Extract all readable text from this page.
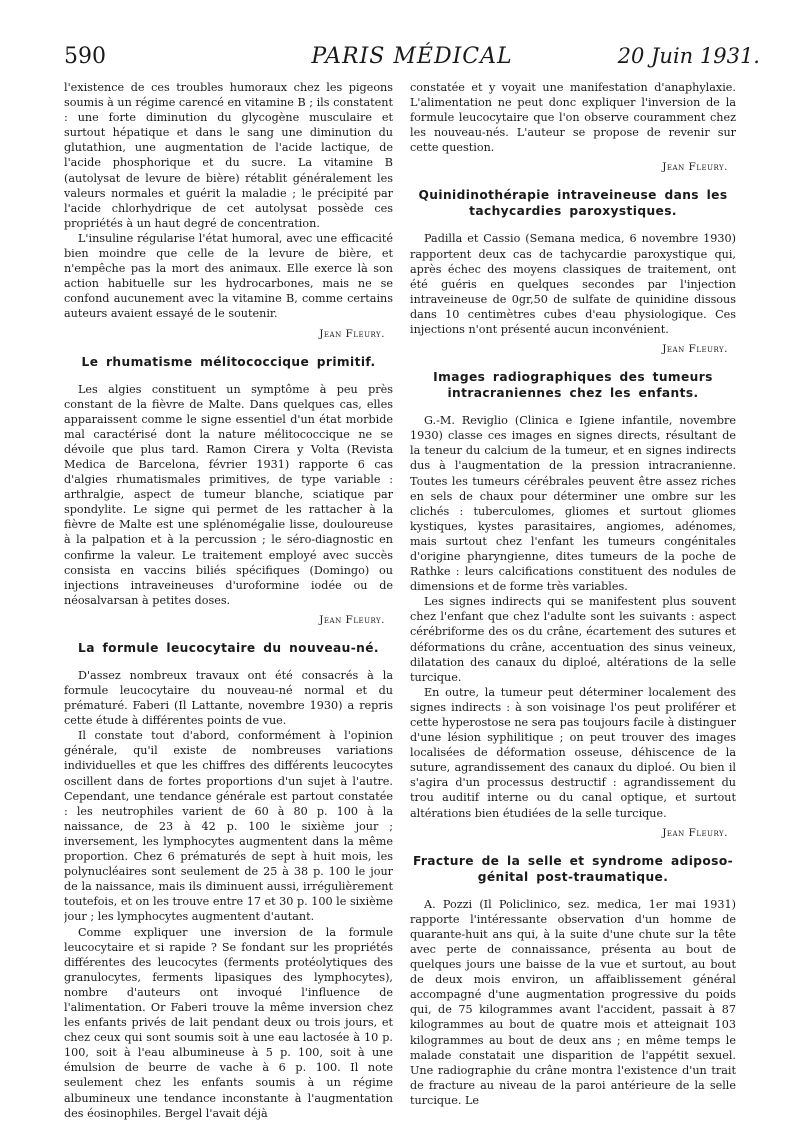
590	PARIS MÉDICAL	20 Juin 1931.

l'existence de ces troubles humoraux chez les pigeons soumis à un régime carencé en vitamine B ; ils constatent : une forte diminution du glycogène musculaire et surtout hépatique et dans le sang une diminution du glutathion, une augmentation de l'acide lactique, de l'acide phosphorique et du sucre. La vitamine B (autolysat de levure de bière) rétablit généralement les valeurs normales et guérit la maladie ; le précipité par l'acide chlorhydrique de cet autolysat possède ces propriétés à un haut degré de concentration.

L'insuline régularise l'état humoral, avec une efficacité bien moindre que celle de la levure de bière, et n'empêche pas la mort des animaux. Elle exerce là son action habituelle sur les hydrocarbones, mais ne se confond aucunement avec la vitamine B, comme certains auteurs avaient essayé de le soutenir.

Jean Fleury.
Le rhumatisme mélitococcique primitif.

Les algies constituent un symptôme à peu près constant de la fièvre de Malte. Dans quelques cas, elles apparaissent comme le signe essentiel d'un état morbide mal caractérisé dont la nature mélitococcique ne se dévoile que plus tard. Ramon Cirera y Volta (Revista Medica de Barcelona, février 1931) rapporte 6 cas d'algies rhumatismales primitives, de type variable : arthralgie, aspect de tumeur blanche, sciatique par spondylite. Le signe qui permet de les rattacher à la fièvre de Malte est une splénomégalie lisse, douloureuse à la palpation et à la percussion ; le séro-diagnostic en confirme la valeur. Le traitement employé avec succès consista en vaccins biliés spécifiques (Domingo) ou injections intraveineuses d'uroformine iodée ou de néosalvarsan à petites doses.

Jean Fleury.
La formule leucocytaire du nouveau-né.

D'assez nombreux travaux ont été consacrés à la formule leucocytaire du nouveau-né normal et du prématuré. Faberi (Il Lattante, novembre 1930) a repris cette étude à différentes points de vue.

Il constate tout d'abord, conformément à l'opinion générale, qu'il existe de nombreuses variations individuelles et que les chiffres des différents leucocytes oscillent dans de fortes proportions d'un sujet à l'autre. Cependant, une tendance générale est partout constatée : les neutrophiles varient de 60 à 80 p. 100 à la naissance, de 23 à 42 p. 100 le sixième jour ; inversement, les lymphocytes augmentent dans la même proportion. Chez 6 prématurés de sept à huit mois, les polynucléaires sont seulement de 25 à 38 p. 100 le jour de la naissance, mais ils diminuent aussi, irrégulièrement toutefois, et on les trouve entre 17 et 30 p. 100 le sixième jour ; les lymphocytes augmentent d'autant.

Comme expliquer une inversion de la formule leucocytaire et si rapide ? Se fondant sur les propriétés différentes des leucocytes (ferments protéolytiques des granulocytes, ferments lipasiques des lymphocytes), nombre d'auteurs ont invoqué l'influence de l'alimentation. Or Faberi trouve la même inversion chez les enfants privés de lait pendant deux ou trois jours, et chez ceux qui sont soumis soit à une eau lactosée à 10 p. 100, soit à l'eau albumineuse à 5 p. 100, soit à une émulsion de beurre de vache à 6 p. 100. Il note seulement chez les enfants soumis à un régime albumineux une tendance inconstante à l'augmentation des éosinophiles. Bergel l'avait déjà

constatée et y voyait une manifestation d'anaphylaxie. L'alimentation ne peut donc expliquer l'inversion de la formule leucocytaire que l'on observe couramment chez les nouveau-nés. L'auteur se propose de revenir sur cette question.

Jean Fleury.
Quinidinothérapie intraveineuse dans les tachycardies paroxystiques.

Padilla et Cassio (Semana medica, 6 novembre 1930) rapportent deux cas de tachycardie paroxystique qui, après échec des moyens classiques de traitement, ont été guéris en quelques secondes par l'injection intraveineuse de 0gr,50 de sulfate de quinidine dissous dans 10 centimètres cubes d'eau physiologique. Ces injections n'ont présenté aucun inconvénient.

Jean Fleury.
Images radiographiques des tumeurs intracraniennes chez les enfants.

G.-M. Reviglio (Clinica e Igiene infantile, novembre 1930) classe ces images en signes directs, résultant de la teneur du calcium de la tumeur, et en signes indirects dus à l'augmentation de la pression intracranienne. Toutes les tumeurs cérébrales peuvent être assez riches en sels de chaux pour déterminer une ombre sur les clichés : tuberculomes, gliomes et surtout gliomes kystiques, kystes parasitaires, angiomes, adénomes, mais surtout chez l'enfant les tumeurs congénitales d'origine pharyngienne, dites tumeurs de la poche de Rathke : leurs calcifications constituent des nodules de dimensions et de forme très variables.

Les signes indirects qui se manifestent plus souvent chez l'enfant que chez l'adulte sont les suivants : aspect cérébriforme des os du crâne, écartement des sutures et déformations du crâne, accentuation des sinus veineux, dilatation des canaux du diploé, altérations de la selle turcique.

En outre, la tumeur peut déterminer localement des signes indirects : à son voisinage l'os peut proliférer et cette hyperostose ne sera pas toujours facile à distinguer d'une lésion syphilitique ; on peut trouver des images localisées de déformation osseuse, déhiscence de la suture, agrandissement des canaux du diploé. Ou bien il s'agira d'un processus destructif : agrandissement du trou auditif interne ou du canal optique, et surtout altérations bien étudiées de la selle turcique.

Jean Fleury.
Fracture de la selle et syndrome adiposo-génital post-traumatique.

A. Pozzi (Il Policlinico, sez. medica, 1er mai 1931) rapporte l'intéressante observation d'un homme de quarante-huit ans qui, à la suite d'une chute sur la tête avec perte de connaissance, présenta au bout de quelques jours une baisse de la vue et surtout, au bout de deux mois environ, un affaiblissement général accompagné d'une augmentation progressive du poids qui, de 75 kilogrammes avant l'accident, passait à 87 kilogrammes au bout de quatre mois et atteignait 103 kilogrammes au bout de deux ans ; en même temps le malade constatait une disparition de l'appétit sexuel. Une radiographie du crâne montra l'existence d'un trait de fracture au niveau de la paroi antérieure de la selle turcique. Le
